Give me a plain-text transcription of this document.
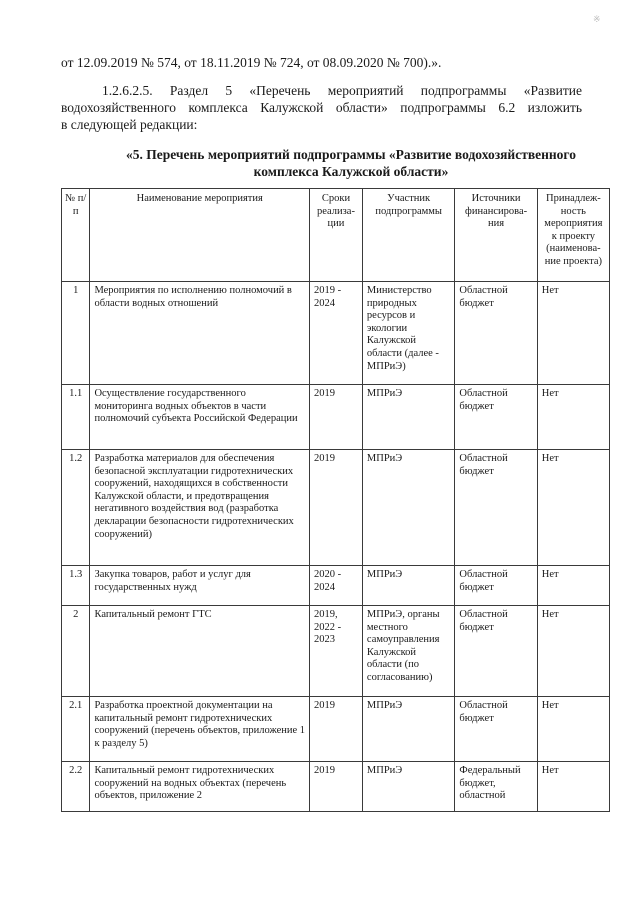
※
от 12.09.2019 № 574, от 18.11.2019 № 724, от 08.09.2020 № 700).».
1.2.6.2.5. Раздел 5 «Перечень мероприятий подпрограммы «Развитие
водохозяйственного комплекса Калужской области» подпрограммы 6.2 изложить
в следующей редакции:
«5. Перечень мероприятий подпрограммы «Развитие водохозяйственного
комплекса Калужской области»
№ п/п	Наименование мероприятия	Сроки реализа-ции	Участник подпрограммы	Источники финансирова-ния	Принадлеж-ность мероприятия к проекту (наименова-ние проекта)
1	Мероприятия по исполнению полномочий в области водных отношений	2019 - 2024	Министерство природных ресурсов и экологии Калужской области (далее - МПРиЭ)	Областной бюджет	Нет
1.1	Осуществление государственного мониторинга водных объектов в части полномочий субъекта Российской Федерации	2019	МПРиЭ	Областной бюджет	Нет
1.2	Разработка материалов для обеспечения безопасной эксплуатации гидротехнических сооружений, находящихся в собственности Калужской области, и предотвращения негативного воздействия вод (разработка декларации безопасности гидротехнических сооружений)	2019	МПРиЭ	Областной бюджет	Нет
1.3	Закупка товаров, работ и услуг для государственных нужд	2020 - 2024	МПРиЭ	Областной бюджет	Нет
2	Капитальный ремонт ГТС	2019, 2022 - 2023	МПРиЭ, органы местного самоуправления Калужской области (по согласованию)	Областной бюджет	Нет
2.1	Разработка проектной документации на капитальный ремонт гидротехнических сооружений (перечень объектов, приложение 1 к разделу 5)	2019	МПРиЭ	Областной бюджет	Нет
2.2	Капитальный ремонт гидротехнических сооружений на водных объектах (перечень объектов, приложение 2	2019	МПРиЭ	Федеральный бюджет, областной	Нет
